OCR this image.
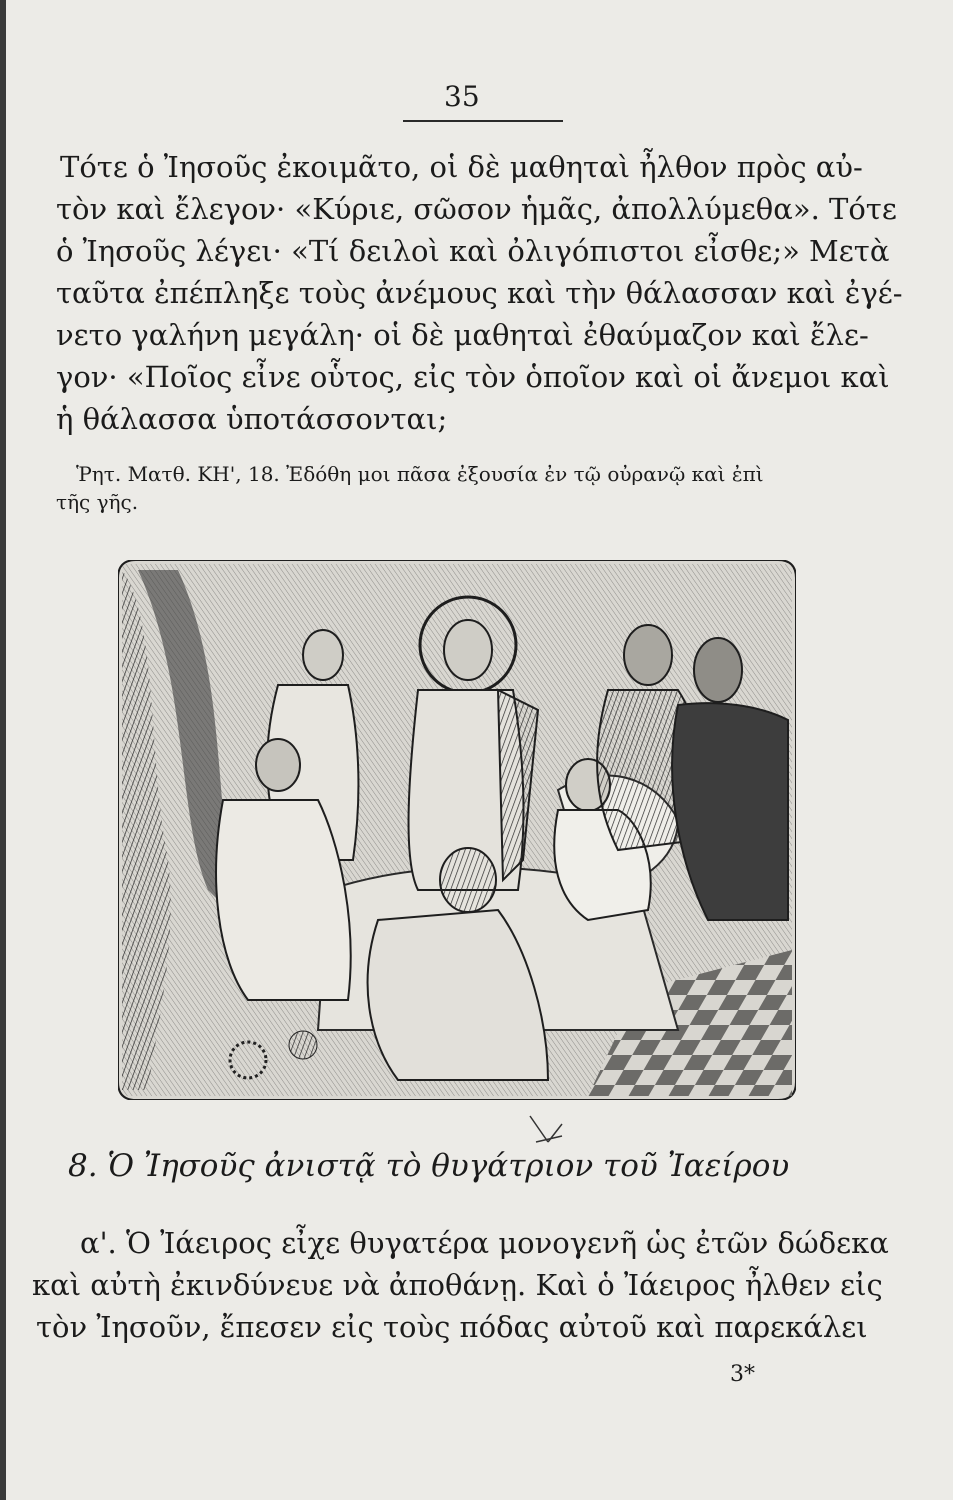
35
Τότε ὁ Ἰησοῦς ἐκοιμᾶτο, οἱ δὲ μαθηταὶ ἦλθον πρὸς αὐ-
τὸν καὶ ἔλεγον· «Κύριε, σῶσον ἡμᾶς, ἀπολλύμεθα». Τότε
ὁ Ἰησοῦς λέγει· «Τί δειλοὶ καὶ ὀλιγόπιστοι εἶσθε;» Μετὰ
ταῦτα ἐπέπληξε τοὺς ἀνέμους καὶ τὴν θάλασσαν καὶ ἐγέ-
νετο γαλήνη μεγάλη· οἱ δὲ μαθηταὶ ἐθαύμαζον καὶ ἔλε-
γον· «Ποῖος εἶνε οὗτος, εἰς τὸν ὁποῖον καὶ οἱ ἄνεμοι καὶ
ἡ θάλασσα ὑποτάσσονται;
Ῥητ. Ματθ. ΚΗ', 18. Ἐδόθη μοι πᾶσα ἐξουσία ἐν τῷ οὐρανῷ καὶ ἐπὶ
τῆς γῆς.
8. Ὁ Ἰησοῦς ἀνιστᾷ τὸ θυγάτριον τοῦ Ἰαείρου
α'. Ὁ Ἰάειρος εἶχε θυγατέρα μονογενῆ ὡς ἐτῶν δώδεκα
καὶ αὐτὴ ἐκινδύνευε νὰ ἀποθάνῃ. Καὶ ὁ Ἰάειρος ἦλθεν εἰς
τὸν Ἰησοῦν, ἔπεσεν εἰς τοὺς πόδας αὐτοῦ καὶ παρεκάλει
3*
